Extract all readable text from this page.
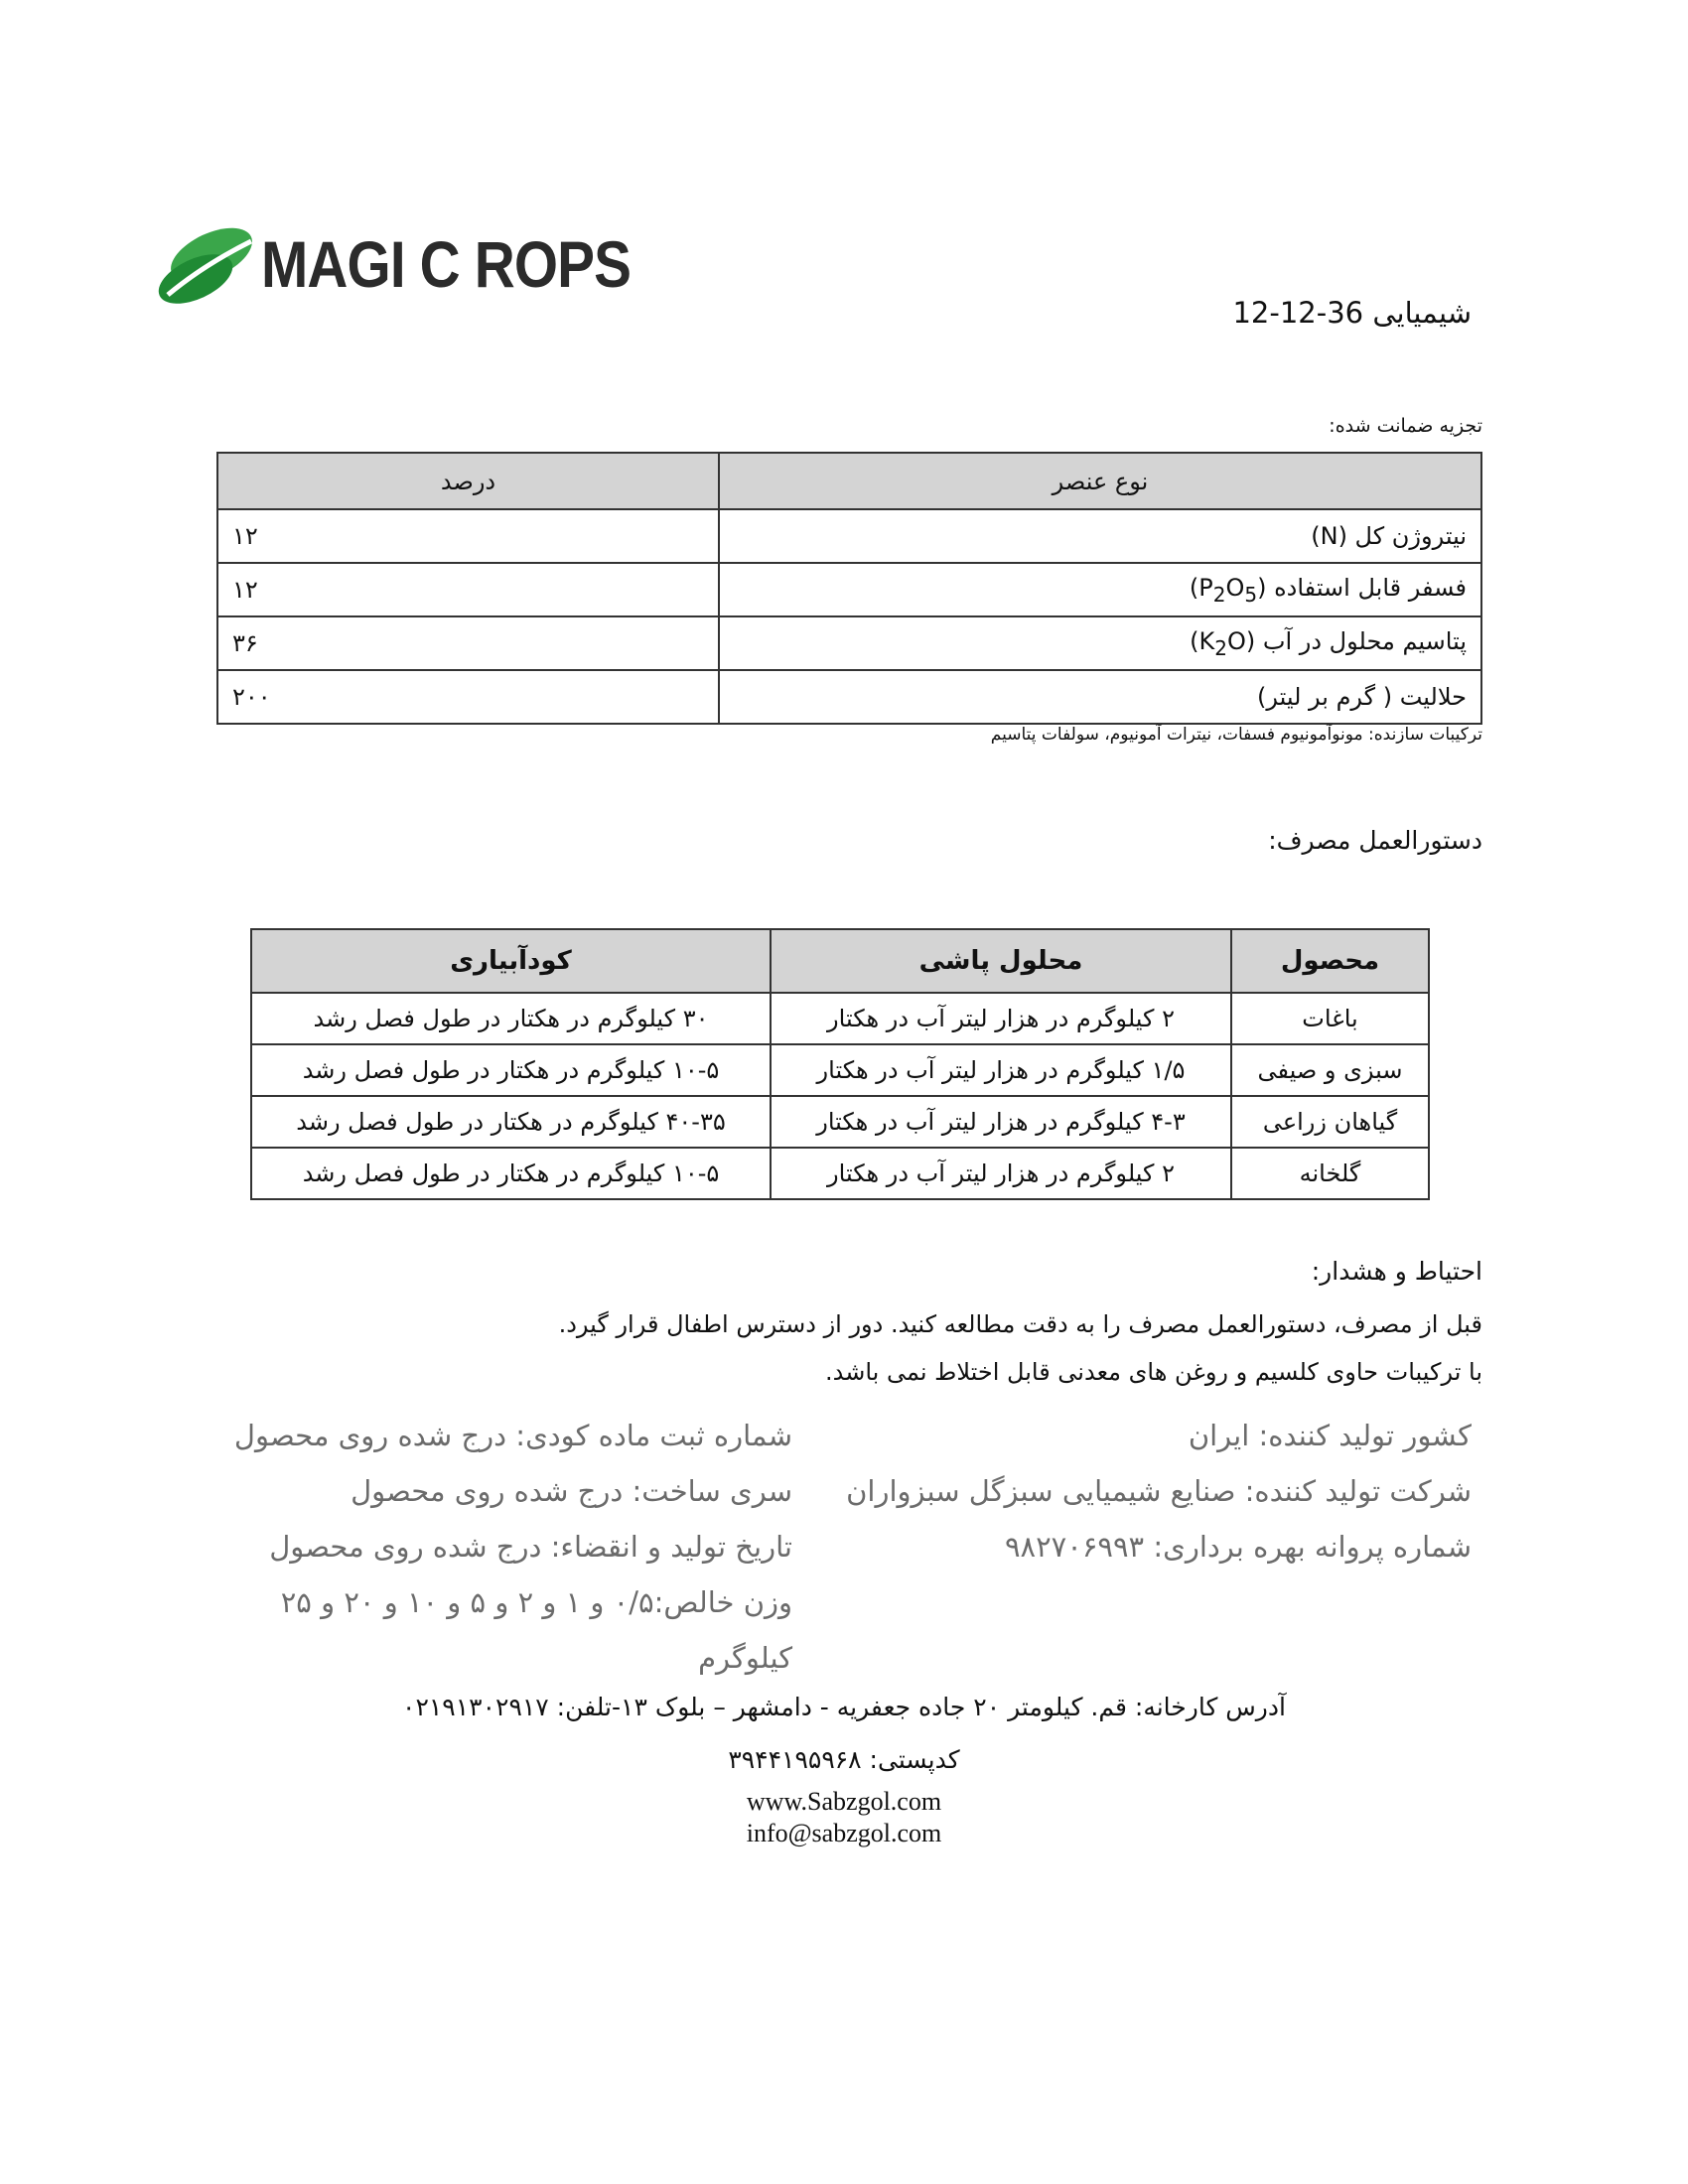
MAGI C ROPS
شیمیایی 36-12-12
تجزیه ضمانت شده:
نوع عنصر	درصد
نیتروژن کل (N)	۱۲
فسفر قابل استفاده $(P_2O_5)$	۱۲
پتاسیم محلول در آب $(K_2O)$	۳۶
حلالیت ( گرم بر لیتر)	۲۰۰
ترکیبات سازنده: مونوآمونیوم فسفات، نیترات آمونیوم، سولفات پتاسیم
دستورالعمل مصرف:
محصول	محلول پاشی	کودآبیاری
باغات	۲ کیلوگرم در هزار لیتر آب در هکتار	۳۰ کیلوگرم در هکتار در طول فصل رشد
سبزی و صیفی	۱/۵ کیلوگرم در هزار لیتر آب در هکتار	۱۰-۵ کیلوگرم در هکتار در طول فصل رشد
گیاهان زراعی	۴-۳ کیلوگرم در هزار لیتر آب در هکتار	۴۰-۳۵ کیلوگرم در هکتار در طول فصل رشد
گلخانه	۲ کیلوگرم در هزار لیتر آب در هکتار	۱۰-۵ کیلوگرم در هکتار در طول فصل رشد
احتیاط و هشدار:
قبل از مصرف، دستورالعمل مصرف را به دقت مطالعه کنید. دور از دسترس اطفال قرار گیرد.
با ترکیبات حاوی کلسیم و روغن های معدنی قابل اختلاط نمی باشد.
کشور تولید کننده: ایران
شرکت تولید کننده: صنایع شیمیایی سبزگل سبزواران
شماره پروانه بهره برداری: ۹۸۲۷۰۶۹۹۳
شماره ثبت ماده کودی: درج شده روی محصول
سری ساخت: درج شده روی محصول
تاریخ تولید و انقضاء: درج شده روی محصول
وزن خالص:۰/۵ و ۱ و ۲ و ۵ و ۱۰ و ۲۰ و ۲۵ کیلوگرم
آدرس کارخانه: قم. کیلومتر ۲۰ جاده جعفریه - دامشهر – بلوک ۱۳-تلفن: ۰۲۱۹۱۳۰۲۹۱۷
کدپستی: ۳۹۴۴۱۹۵۹۶۸
www.Sabzgol.com
info@sabzgol.com
